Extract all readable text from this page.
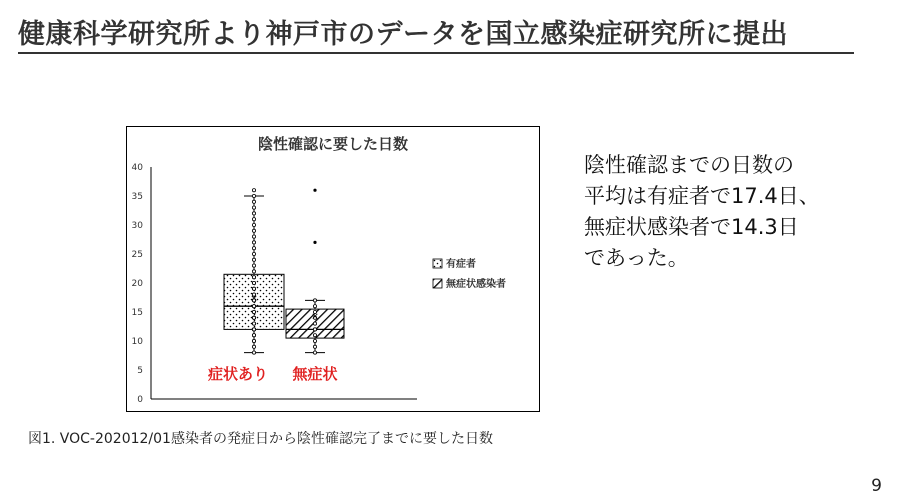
健康科学研究所より神戸市のデータを国立感染症研究所に提出
陰性確認に要した日数
0
5
10
15
20
25
30
35
40
×
×
有症者
無症状感染者
症状あり 無症状
陰性確認までの日数の
平均は有症者で17.4日、
無症状感染者で14.3日
であった。
図1. VOC-202012/01感染者の発症日から陰性確認完了までに要した日数
9
